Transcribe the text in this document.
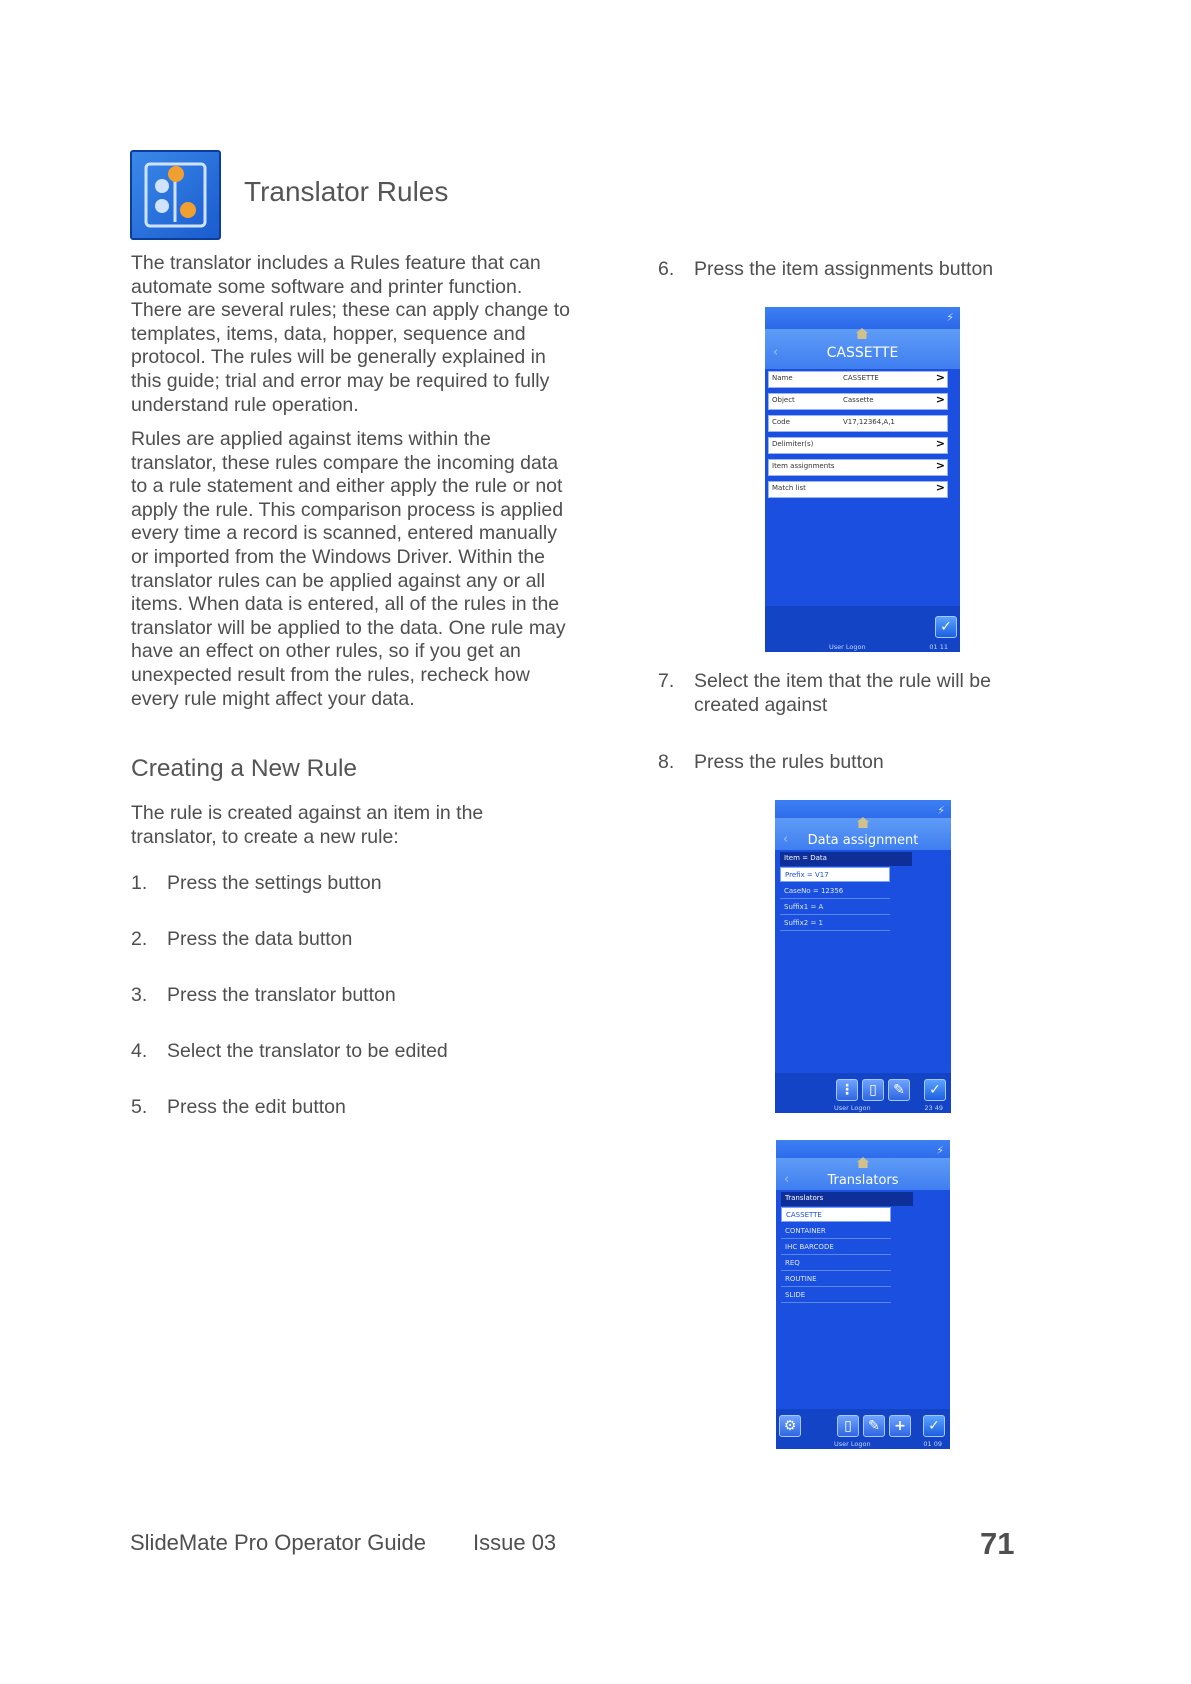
Translator Rules
The translator includes a Rules feature that can automate some software and printer function. There are several rules; these can apply change to templates, items, data, hopper, sequence and protocol. The rules will be generally explained in this guide; trial and error may be required to fully understand rule operation.
Rules are applied against items within the translator, these rules compare the incoming data to a rule statement and either apply the rule or not apply the rule. This comparison process is applied every time a record is scanned, entered manually or imported from the Windows Driver. Within the translator rules can be applied against any or all items. When data is entered, all of the rules in the translator will be applied to the data. One rule may have an effect on other rules, so if you get an unexpected result from the rules, recheck how every rule might affect your data.
Creating a New Rule
The rule is created against an item in the translator, to create a new rule:
1. Press the settings button
2. Press the data button
3. Press the translator button
4. Select the translator to be edited
5. Press the edit button
6. Press the item assignments button
7. Select the item that the rule will be created against
8. Press the rules button
⚡
‹	CASSETTE
Name	CASSETTE	>
Object	Cassette	>
Code	V17,12364,A,1
Delimiter(s)	>
Item assignments	>
Match list	>
✓
User Logon	01 11
⚡
‹	Data assignment
Item = Data
Prefix = V17
CaseNo = 12356
Suffix1 = A
Suffix2 = 1
⋮	▯	✎	✓
User Logon	23 49
⚡
‹	Translators
Translators
CASSETTE
CONTAINER
IHC BARCODE
REQ
ROUTINE
SLIDE
⚙	▯	✎	+	✓
User Logon	01 09
SlideMate Pro Operator Guide Issue 03	71
